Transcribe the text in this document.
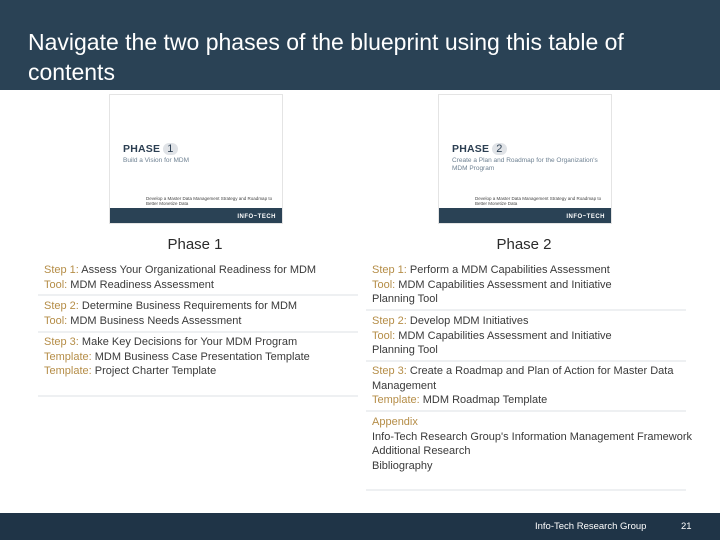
Navigate the two phases of the blueprint using this table of contents
PHASE 1
Build a Vision for MDM
Develop a Master Data Management Strategy and Roadmap to Better Monetize Data
INFO~TECH
PHASE 2
Create a Plan and Roadmap for the Organization's MDM Program
Develop a Master Data Management Strategy and Roadmap to Better Monetize Data
INFO~TECH
Phase 1	Phase 2
Step 1: Assess Your Organizational Readiness for MDM
Tool: MDM Readiness Assessment
Step 2: Determine Business Requirements for MDM
Tool: MDM Business Needs Assessment
Step 3: Make Key Decisions for Your MDM Program
Template: MDM Business Case Presentation Template
Template: Project Charter Template
Step 1: Perform a MDM Capabilities Assessment
Tool: MDM Capabilities Assessment and Initiative Planning Tool
Step 2: Develop MDM Initiatives
Tool: MDM Capabilities Assessment and Initiative Planning Tool
Step 3: Create a Roadmap and Plan of Action for Master Data Management
Template: MDM Roadmap Template
Appendix
Info-Tech Research Group's Information Management Framework
Additional Research
Bibliography
Info-Tech Research Group	21
